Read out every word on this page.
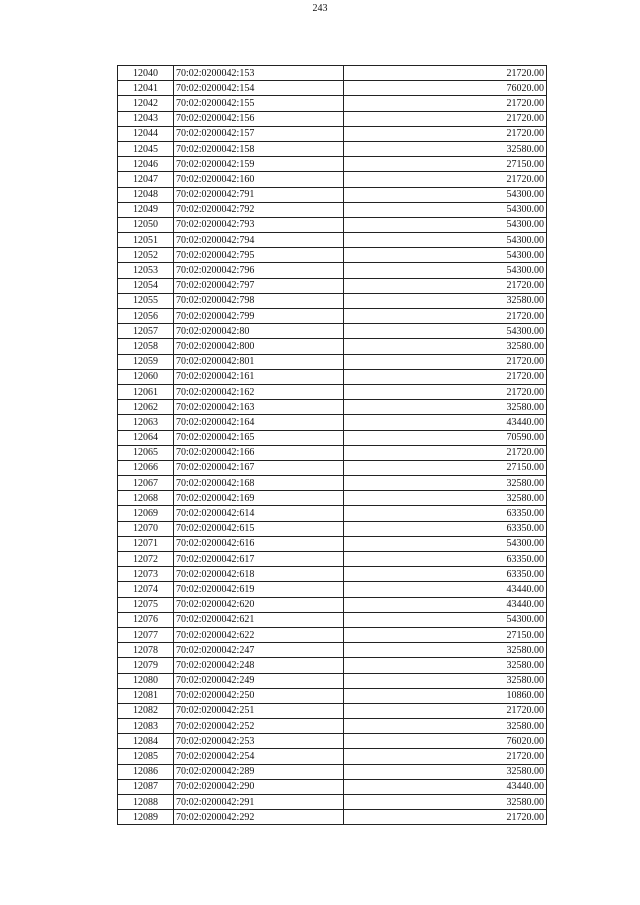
243
12040	70:02:0200042:153	21720.00
12041	70:02:0200042:154	76020.00
12042	70:02:0200042:155	21720.00
12043	70:02:0200042:156	21720.00
12044	70:02:0200042:157	21720.00
12045	70:02:0200042:158	32580.00
12046	70:02:0200042:159	27150.00
12047	70:02:0200042:160	21720.00
12048	70:02:0200042:791	54300.00
12049	70:02:0200042:792	54300.00
12050	70:02:0200042:793	54300.00
12051	70:02:0200042:794	54300.00
12052	70:02:0200042:795	54300.00
12053	70:02:0200042:796	54300.00
12054	70:02:0200042:797	21720.00
12055	70:02:0200042:798	32580.00
12056	70:02:0200042:799	21720.00
12057	70:02:0200042:80	54300.00
12058	70:02:0200042:800	32580.00
12059	70:02:0200042:801	21720.00
12060	70:02:0200042:161	21720.00
12061	70:02:0200042:162	21720.00
12062	70:02:0200042:163	32580.00
12063	70:02:0200042:164	43440.00
12064	70:02:0200042:165	70590.00
12065	70:02:0200042:166	21720.00
12066	70:02:0200042:167	27150.00
12067	70:02:0200042:168	32580.00
12068	70:02:0200042:169	32580.00
12069	70:02:0200042:614	63350.00
12070	70:02:0200042:615	63350.00
12071	70:02:0200042:616	54300.00
12072	70:02:0200042:617	63350.00
12073	70:02:0200042:618	63350.00
12074	70:02:0200042:619	43440.00
12075	70:02:0200042:620	43440.00
12076	70:02:0200042:621	54300.00
12077	70:02:0200042:622	27150.00
12078	70:02:0200042:247	32580.00
12079	70:02:0200042:248	32580.00
12080	70:02:0200042:249	32580.00
12081	70:02:0200042:250	10860.00
12082	70:02:0200042:251	21720.00
12083	70:02:0200042:252	32580.00
12084	70:02:0200042:253	76020.00
12085	70:02:0200042:254	21720.00
12086	70:02:0200042:289	32580.00
12087	70:02:0200042:290	43440.00
12088	70:02:0200042:291	32580.00
12089	70:02:0200042:292	21720.00
